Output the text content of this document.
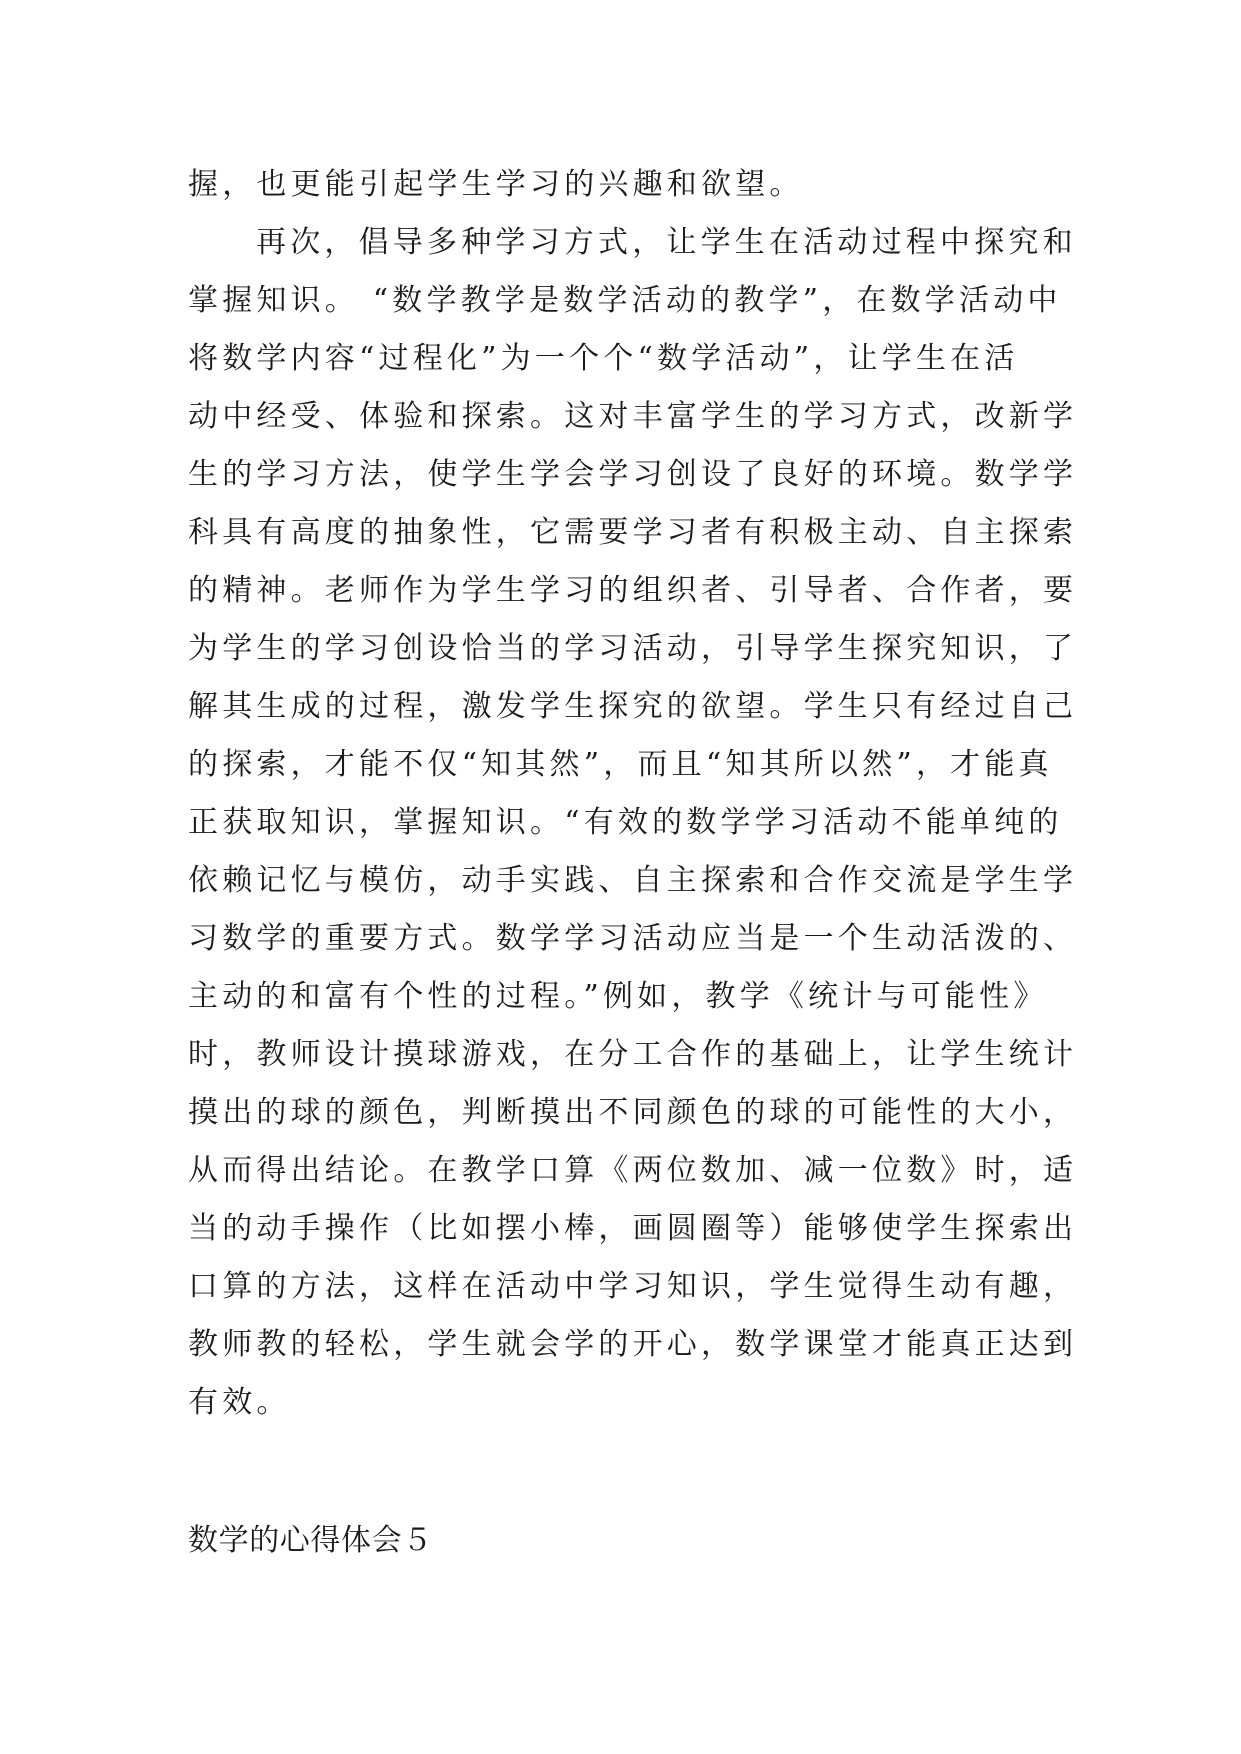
握，也更能引起学生学习的兴趣和欲望。
再次，倡导多种学习方式，让学生在活动过程中探究和
掌握知识。 “数学教学是数学活动的教学”，在数学活动中
将数学内容“过程化”为一个个“数学活动”，让学生在活
动中经受、体验和探索。这对丰富学生的学习方式，改新学
生的学习方法，使学生学会学习创设了良好的环境。数学学
科具有高度的抽象性，它需要学习者有积极主动、自主探索
的精神。老师作为学生学习的组织者、引导者、合作者，要
为学生的学习创设恰当的学习活动，引导学生探究知识，了
解其生成的过程，激发学生探究的欲望。学生只有经过自己
的探索，才能不仅“知其然”，而且“知其所以然”，才能真
正获取知识，掌握知识。“有效的数学学习活动不能单纯的
依赖记忆与模仿，动手实践、自主探索和合作交流是学生学
习数学的重要方式。数学学习活动应当是一个生动活泼的、
主动的和富有个性的过程。”例如，教学《统计与可能性》
时，教师设计摸球游戏，在分工合作的基础上，让学生统计
摸出的球的颜色，判断摸出不同颜色的球的可能性的大小，
从而得出结论。在教学口算《两位数加、减一位数》时，适
当的动手操作（比如摆小棒，画圆圈等）能够使学生探索出
口算的方法，这样在活动中学习知识，学生觉得生动有趣，
教师教的轻松，学生就会学的开心，数学课堂才能真正达到
有效。
数学的心得体会５
